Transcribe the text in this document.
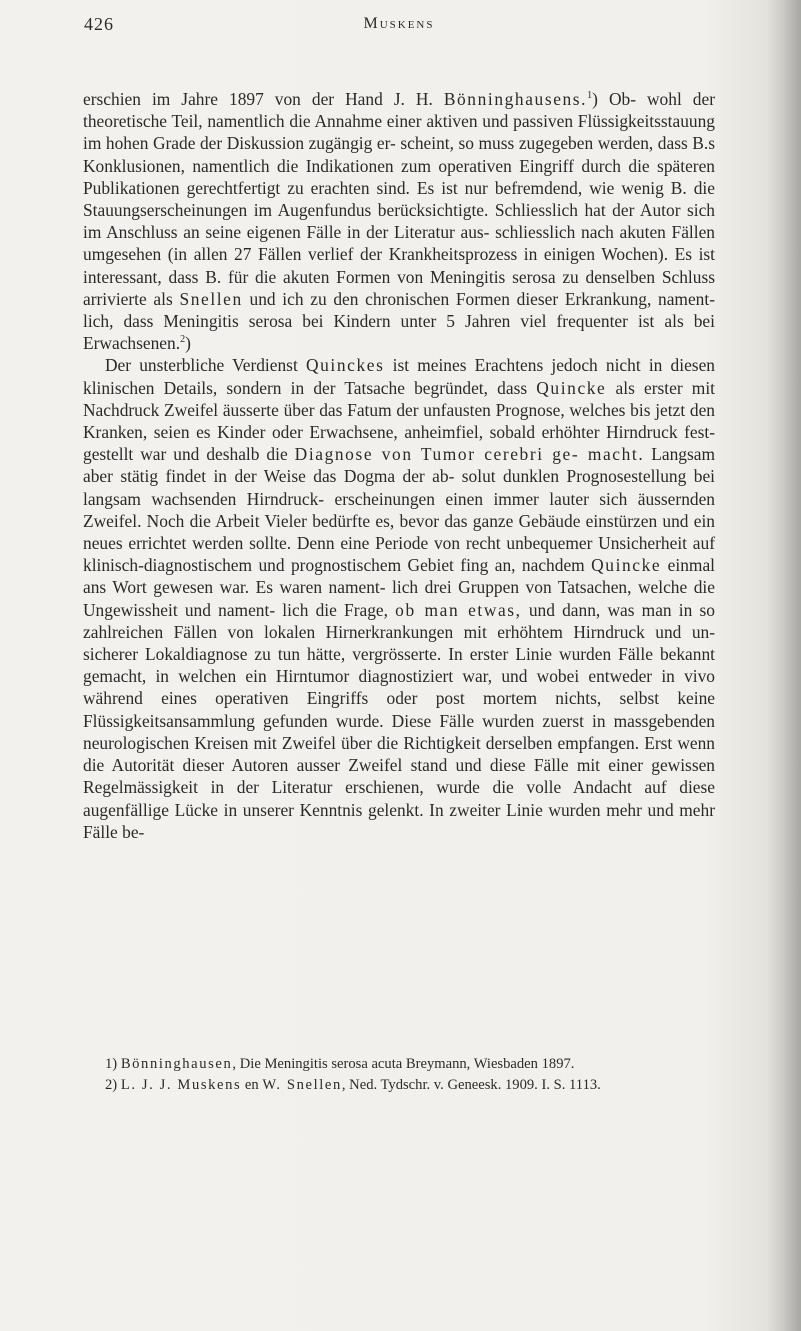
426	Muskens

erschien im Jahre 1897 von der Hand J. H. Bönninghausens.$^1$) Ob- wohl der theoretische Teil, namentlich die Annahme einer aktiven und passiven Flüssigkeitsstauung im hohen Grade der Diskussion zugängig er- scheint, so muss zugegeben werden, dass B.s Konklusionen, namentlich die Indikationen zum operativen Eingriff durch die späteren Publikationen gerechtfertigt zu erachten sind. Es ist nur befremdend, wie wenig B. die Stauungserscheinungen im Augenfundus berücksichtigte. Schliesslich hat der Autor sich im Anschluss an seine eigenen Fälle in der Literatur aus- schliesslich nach akuten Fällen umgesehen (in allen 27 Fällen verlief der Krankheitsprozess in einigen Wochen). Es ist interessant, dass B. für die akuten Formen von Meningitis serosa zu denselben Schluss arrivierte als Snellen und ich zu den chronischen Formen dieser Erkrankung, nament- lich, dass Meningitis serosa bei Kindern unter 5 Jahren viel frequenter ist als bei Erwachsenen.$^2$)

Der unsterbliche Verdienst Quinckes ist meines Erachtens jedoch nicht in diesen klinischen Details, sondern in der Tatsache begründet, dass Quincke als erster mit Nachdruck Zweifel äusserte über das Fatum der unfausten Prognose, welches bis jetzt den Kranken, seien es Kinder oder Erwachsene, anheimfiel, sobald erhöhter Hirndruck fest- gestellt war und deshalb die Diagnose von Tumor cerebri ge- macht. Langsam aber stätig findet in der Weise das Dogma der ab- solut dunklen Prognosestellung bei langsam wachsenden Hirndruck- erscheinungen einen immer lauter sich äussernden Zweifel. Noch die Arbeit Vieler bedürfte es, bevor das ganze Gebäude einstürzen und ein neues errichtet werden sollte. Denn eine Periode von recht unbequemer Unsicherheit auf klinisch-diagnostischem und prognostischem Gebiet fing an, nachdem Quincke einmal ans Wort gewesen war. Es waren nament- lich drei Gruppen von Tatsachen, welche die Ungewissheit und nament- lich die Frage, ob man etwas, und dann, was man in so zahlreichen Fällen von lokalen Hirnerkrankungen mit erhöhtem Hirndruck und un- sicherer Lokaldiagnose zu tun hätte, vergrösserte. In erster Linie wurden Fälle bekannt gemacht, in welchen ein Hirntumor diagnostiziert war, und wobei entweder in vivo während eines operativen Eingriffs oder post mortem nichts, selbst keine Flüssigkeitsansammlung gefunden wurde. Diese Fälle wurden zuerst in massgebenden neurologischen Kreisen mit Zweifel über die Richtigkeit derselben empfangen. Erst wenn die Autorität dieser Autoren ausser Zweifel stand und diese Fälle mit einer gewissen Regelmässigkeit in der Literatur erschienen, wurde die volle Andacht auf diese augenfällige Lücke in unserer Kenntnis gelenkt. In zweiter Linie wurden mehr und mehr Fälle be-

1) Bönninghausen, Die Meningitis serosa acuta Breymann, Wiesbaden 1897.

2) L. J. J. Muskens en W. Snellen, Ned. Tydschr. v. Geneesk. 1909. I. S. 1113.
